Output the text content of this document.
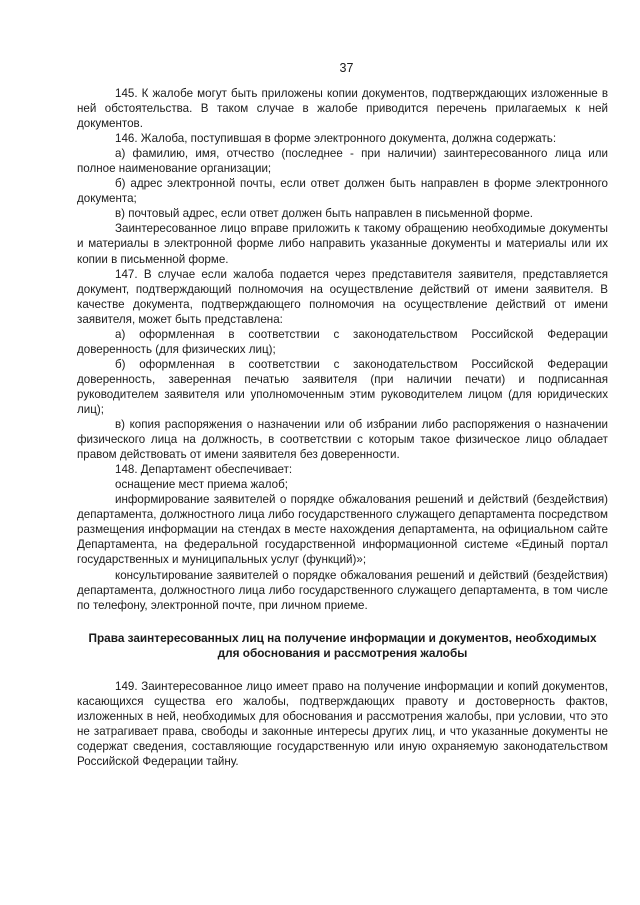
37

145. К жалобе могут быть приложены копии документов, подтверждающих изложенные в ней обстоятельства. В таком случае в жалобе приводится перечень прилагаемых к ней документов.

146. Жалоба, поступившая в форме электронного документа, должна содержать:

а) фамилию, имя, отчество (последнее - при наличии) заинтересованного лица или полное наименование организации;

б) адрес электронной почты, если ответ должен быть направлен в форме электронного документа;

в) почтовый адрес, если ответ должен быть направлен в письменной форме.

Заинтересованное лицо вправе приложить к такому обращению необходимые документы и материалы в электронной форме либо направить указанные документы и материалы или их копии в письменной форме.

147. В случае если жалоба подается через представителя заявителя, представляется документ, подтверждающий полномочия на осуществление действий от имени заявителя. В качестве документа, подтверждающего полномочия на осуществление действий от имени заявителя, может быть представлена:

а) оформленная в соответствии с законодательством Российской Федерации доверенность (для физических лиц);

б) оформленная в соответствии с законодательством Российской Федерации доверенность, заверенная печатью заявителя (при наличии печати) и подписанная руководителем заявителя или уполномоченным этим руководителем лицом (для юридических лиц);

в) копия распоряжения о назначении или об избрании либо распоряжения о назначении физического лица на должность, в соответствии с которым такое физическое лицо обладает правом действовать от имени заявителя без доверенности.

148. Департамент обеспечивает:

оснащение мест приема жалоб;

информирование заявителей о порядке обжалования решений и действий (бездействия) департамента, должностного лица либо государственного служащего департамента посредством размещения информации на стендах в месте нахождения департамента, на официальном сайте Департамента, на федеральной государственной информационной системе «Единый портал государственных и муниципальных услуг (функций)»;

консультирование заявителей о порядке обжалования решений и действий (бездействия) департамента, должностного лица либо государственного служащего департамента, в том числе по телефону, электронной почте, при личном приеме.

Права заинтересованных лиц на получение информации и документов, необходимых для обоснования и рассмотрения жалобы

149. Заинтересованное лицо имеет право на получение информации и копий документов, касающихся существа его жалобы, подтверждающих правоту и достоверность фактов, изложенных в ней, необходимых для обоснования и рассмотрения жалобы, при условии, что это не затрагивает права, свободы и законные интересы других лиц, и что указанные документы не содержат сведения, составляющие государственную или иную охраняемую законодательством Российской Федерации тайну.
